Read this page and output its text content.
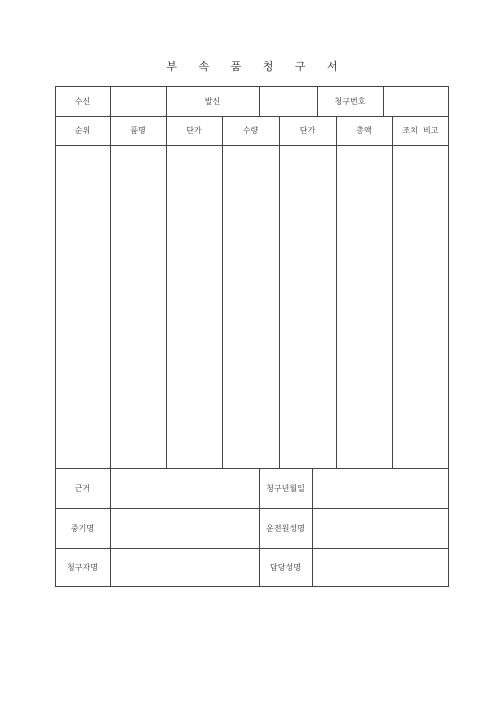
부 속 품 청 구 서
수신	발신	청구번호
순위	품명	단가	수량	단가	총액	조치  비고
근거	청구년월일
중기명	운전원성명
청구자명	담당성명
